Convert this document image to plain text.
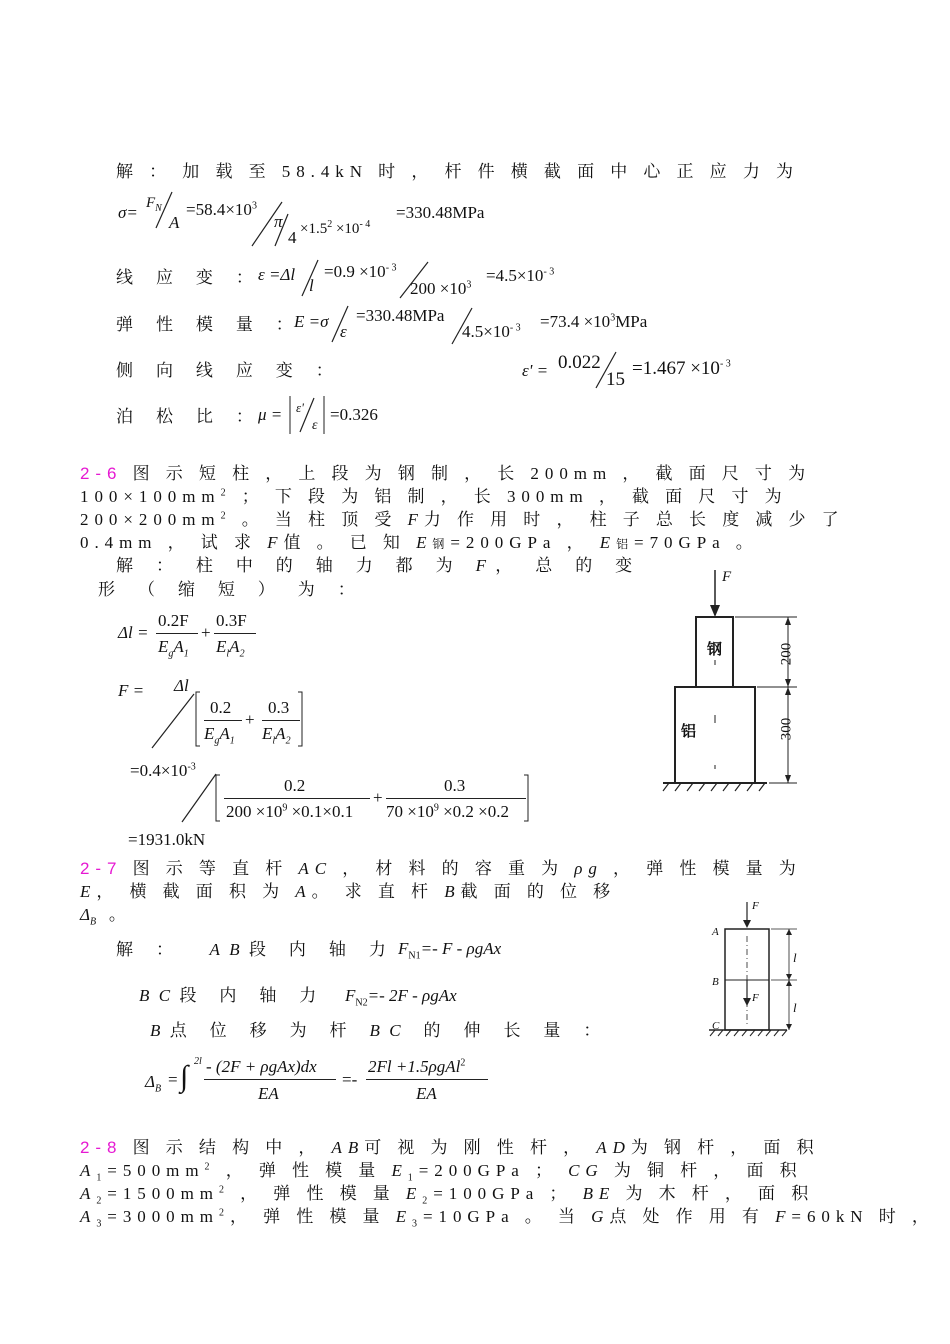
解 ： 加 载 至 58.4kN 时 ， 杆 件 横 截 面 中 心 正 应 力 为
$\sigma= F_N$
A
$=58.4\times 10^3$
π
$4 \times 1.5^2 \times 10^{- 4}$
=330.48MPa
线 应 变 ：
ε =Δl
l
$=0.9 \times 10^{- 3}$
$200 \times 10^3 =4.5\times 10^{- 3}$
弹 性 模 量 ：
E =σ
ε
=330.48MPa
$4.5\times 10^{- 3} =73.4 \times 10^3MPa$
侧 向 线 应 变 ：	ε' = 0.022
15
$=1.467 \times 10^{- 3}$
泊 松 比 ：
μ = ε'
ε
=0.326
2-6 图 示 短 柱 ， 上 段 为 钢 制 ， 长 200mm ， 截 面 尺 寸 为
$100\times 100mm^2$ ； 下 段 为 铝 制 ， 长 300mm ， 截 面 尺 寸 为
$200\times 200mm^2$ 。 当 柱 顶 受 F力 作 用 时 ， 柱 子 总 长 度 减 少 了
0.4mm ， 试 求 F值 。 已 知 E钢=200GPa ， E铝=70GPa 。
解 ： 柱 中 的 轴 力 都 为 F， 总 的 变
形 （ 缩 短 ） 为 ：
Δl =
0.2F
$E_gA_1$
+
0.3F
$E_lA_2$
F = Δl
0.2
$E_gA_1$
+
0.3
$E_lA_2$
$=0.4\times 10^{-3}$
0.2
$200 \times 10^9 \times 0.1\times 0.1$
+
0.3
$70 \times 10^9 \times 0.2 \times 0.2$
=1931.0kN
F
钢
铝
200
300
2-7 图 示 等 直 杆 AC ， 材 料 的 容 重 为 ρg ， 弹 性 模 量 为
E， 横 截 面 积 为 A。 求 直 杆 B截 面 的 位 移
$\Delta_B$ 。
解 ： AB段 内 轴 力 $F_{N1}=-$ F - ρgAx
BC段 内 轴 力 $F_{N2}=-$ 2F - ρgAx
B点 位 移 为 杆 BC 的 伸 长 量 ：
$\Delta_B$ = ∫ 2l - (2F + ρgAx)dx
EA
=-
2Fl +1.5ρgAl$^2$
EA
F
F
A
B
C
l
l
2-8 图 示 结 构 中 ， AB可 视 为 刚 性 杆 ， AD为 钢 杆 ， 面 积
$A_1=500mm^2$ ， 弹 性 模 量 $E_1=200GPa$ ； CG 为 铜 杆 ， 面 积
$A_2=1500mm^2$ ， 弹 性 模 量 $E_2=100GPa$ ； BE 为 木 杆 ， 面 积
$A_3=3000mm^2$， 弹 性 模 量 $E_3=10GPa$ 。 当 G点 处 作 用 有 F=60kN 时 ，
